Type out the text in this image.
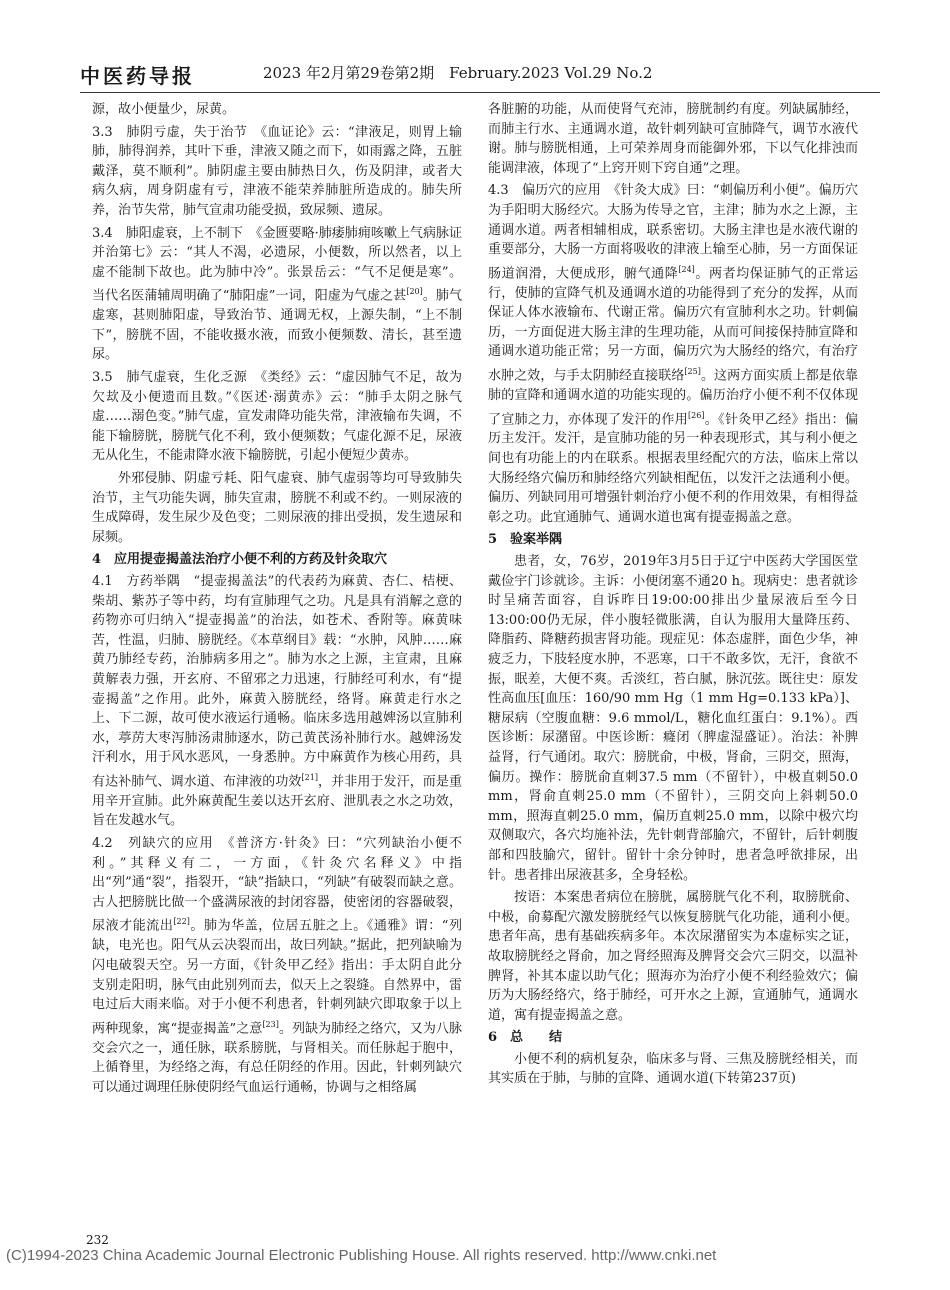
中医药导报	2023 年2月第29卷第2期　February.2023 Vol.29 No.2

源，故小便量少，尿黄。

3.3　肺阴亏虚，失于治节　《血证论》云：“津液足，则胃上输肺，肺得润养，其叶下垂，津液又随之而下，如雨露之降，五脏戴泽，莫不顺利”。肺阴虚主要由肺热日久，伤及阴津，或者大病久病，周身阴虚有亏，津液不能荣养肺脏所造成的。肺失所养，治节失常，肺气宣肃功能受损，致尿频、遗尿。

3.4　肺阳虚衰，上不制下　《金匮要略·肺痿肺痈咳嗽上气病脉证并治第七》云：“其人不渴，必遗尿，小便数，所以然者，以上虚不能制下故也。此为肺中冷”。张景岳云：“气不足便是寒”。当代名医蒲辅周明确了“肺阳虚”一词，阳虚为气虚之甚[20]。肺气虚寒，甚则肺阳虚，导致治节、通调无权，上源失制，“上不制下”，膀胱不固，不能收摄水液，而致小便频数、清长，甚至遗尿。

3.5　肺气虚衰，生化乏源　《类经》云：“虚因肺气不足，故为欠㰦及小便遗而且数。”《医述·溺黄赤》云：“肺手太阴之脉气虚……溺色变。”肺气虚，宣发肃降功能失常，津液输布失调，不能下输膀胱，膀胱气化不利，致小便频数；气虚化源不足，尿液无从化生，不能肃降水液下输膀胱，引起小便短少黄赤。

外邪侵肺、阴虚亏耗、阳气虚衰、肺气虚弱等均可导致肺失治节，主气功能失调，肺失宣肃，膀胱不利或不约。一则尿液的生成障碍，发生尿少及色变；二则尿液的排出受损，发生遗尿和尿频。

4　应用提壶揭盖法治疗小便不利的方药及针灸取穴

4.1　方药举隅　“提壶揭盖法”的代表药为麻黄、杏仁、桔梗、柴胡、紫苏子等中药，均有宣肺理气之功。凡是具有消解之意的药物亦可归纳入“提壶揭盖”的治法，如苍术、香附等。麻黄味苦，性温，归肺、膀胱经。《本草纲目》载：“水肿，风肿……麻黄乃肺经专药，治肺病多用之”。肺为水之上源，主宣肃，且麻黄解表力强，开玄府、不留邪之力迅速，行肺经可利水，有“提壶揭盖”之作用。此外，麻黄入膀胱经，络肾。麻黄走行水之上、下二源，故可使水液运行通畅。临床多选用越婢汤以宣肺利水，葶苈大枣泻肺汤肃肺逐水，防己黄芪汤补肺行水。越婢汤发汗利水，用于风水恶风，一身悉肿。方中麻黄作为核心用药，具有达补肺气、调水道、布津液的功效[21]，并非用于发汗，而是重用辛开宣肺。此外麻黄配生姜以达开玄府、泄肌表之水之功效，旨在发越水气。

4.2　列缺穴的应用　《普济方·针灸》曰：“穴列缺治小便不利。”其释义有二，一方面，《针灸穴名释义》中指出“列”通“裂”，指裂开，“缺”指缺口，“列缺”有破裂而缺之意。古人把膀胱比做一个盛满尿液的封闭容器，使密闭的容器破裂，尿液才能流出[22]。肺为华盖，位居五脏之上。《通雅》谓：“列缺，电光也。阳气从云决裂而出，故曰列缺。”据此，把列缺喻为闪电破裂天空。另一方面，《针灸甲乙经》指出：手太阴自此分支别走阳明，脉气由此别列而去，似天上之裂缝。自然界中，雷电过后大雨来临。对于小便不利患者，针刺列缺穴即取象于以上两种现象，寓“提壶揭盖”之意[23]。列缺为肺经之络穴，又为八脉交会穴之一，通任脉，联系膀胱，与肾相关。而任脉起于胞中，上循脊里，为经络之海，有总任阴经的作用。因此，针刺列缺穴可以通过调理任脉使阴经气血运行通畅，协调与之相络属

各脏腑的功能，从而使肾气充沛，膀胱制约有度。列缺属肺经，而肺主行水、主通调水道，故针刺列缺可宣肺降气，调节水液代谢。肺与膀胱相通，上可荣养周身而能御外邪，下以气化排浊而能调津液，体现了“上窍开则下窍自通”之理。

4.3　偏历穴的应用　《针灸大成》曰：“刺偏历利小便”。偏历穴为手阳明大肠经穴。大肠为传导之官，主津；肺为水之上源，主通调水道。两者相辅相成，联系密切。大肠主津也是水液代谢的重要部分，大肠一方面将吸收的津液上输至心肺，另一方面保证肠道润滑，大便成形，腑气通降[24]。两者均保证肺气的正常运行，使肺的宣降气机及通调水道的功能得到了充分的发挥，从而保证人体水液输布、代谢正常。偏历穴有宣肺利水之功。针刺偏历，一方面促进大肠主津的生理功能，从而可间接保持肺宣降和通调水道功能正常；另一方面，偏历穴为大肠经的络穴，有治疗水肿之效，与手太阴肺经直接联络[25]。这两方面实质上都是依靠肺的宣降和通调水道的功能实现的。偏历治疗小便不利不仅体现了宣肺之力，亦体现了发汗的作用[26]。《针灸甲乙经》指出：偏历主发汗。发汗，是宣肺功能的另一种表现形式，其与利小便之间也有功能上的内在联系。根据表里经配穴的方法，临床上常以大肠经络穴偏历和肺经络穴列缺相配伍，以发汗之法通利小便。偏历、列缺同用可增强针刺治疗小便不利的作用效果，有相得益彰之功。此宜通肺气、通调水道也寓有提壶揭盖之意。

5　验案举隅

患者，女，76岁，2019年3月5日于辽宁中医药大学国医堂戴俭宇门诊就诊。主诉：小便闭塞不通20 h。现病史：患者就诊时呈痛苦面容，自诉昨日19:00:00排出少量尿液后至今日13:00:00仍无尿，伴小腹轻微胀满，自认为服用大量降压药、降脂药、降糖药损害肾功能。现症见：体态虚胖，面色少华，神疲乏力，下肢轻度水肿，不恶寒，口干不敢多饮，无汗，食欲不振，眠差，大便不爽。舌淡红，苔白腻，脉沉弦。既往史：原发性高血压[血压：160/90 mm Hg（1 mm Hg=0.133 kPa）]、糖尿病（空腹血糖：9.6 mmol/L，糖化血红蛋白：9.1%）。西医诊断：尿潴留。中医诊断：癃闭（脾虚湿盛证）。治法：补脾益肾，行气通闭。取穴：膀胱俞，中极，肾俞，三阴交，照海，偏历。操作：膀胱俞直刺37.5 mm（不留针），中极直刺50.0 mm，肾俞直刺25.0 mm（不留针），三阴交向上斜刺50.0 mm，照海直刺25.0 mm，偏历直刺25.0 mm，以除中极穴均双侧取穴，各穴均施补法，先针刺背部腧穴，不留针，后针刺腹部和四肢腧穴，留针。留针十余分钟时，患者急呼欲排尿，出针。患者排出尿液甚多，全身轻松。

按语：本案患者病位在膀胱，属膀胱气化不利，取膀胱俞、中极，俞募配穴激发膀胱经气以恢复膀胱气化功能，通利小便。患者年高，患有基础疾病多年。本次尿潴留实为本虚标实之证，故取膀胱经之肾俞，加之肾经照海及脾肾交会穴三阴交，以温补脾肾，补其本虚以助气化；照海亦为治疗小便不利经验效穴；偏历为大肠经络穴，络于肺经，可开水之上源，宣通肺气，通调水道，寓有提壶揭盖之意。

6　总　　结

小便不利的病机复杂，临床多与肾、三焦及膀胱经相关，而其实质在于肺，与肺的宣降、通调水道(下转第237页)

232
(C)1994-2023 China Academic Journal Electronic Publishing House. All rights reserved. http://www.cnki.net
